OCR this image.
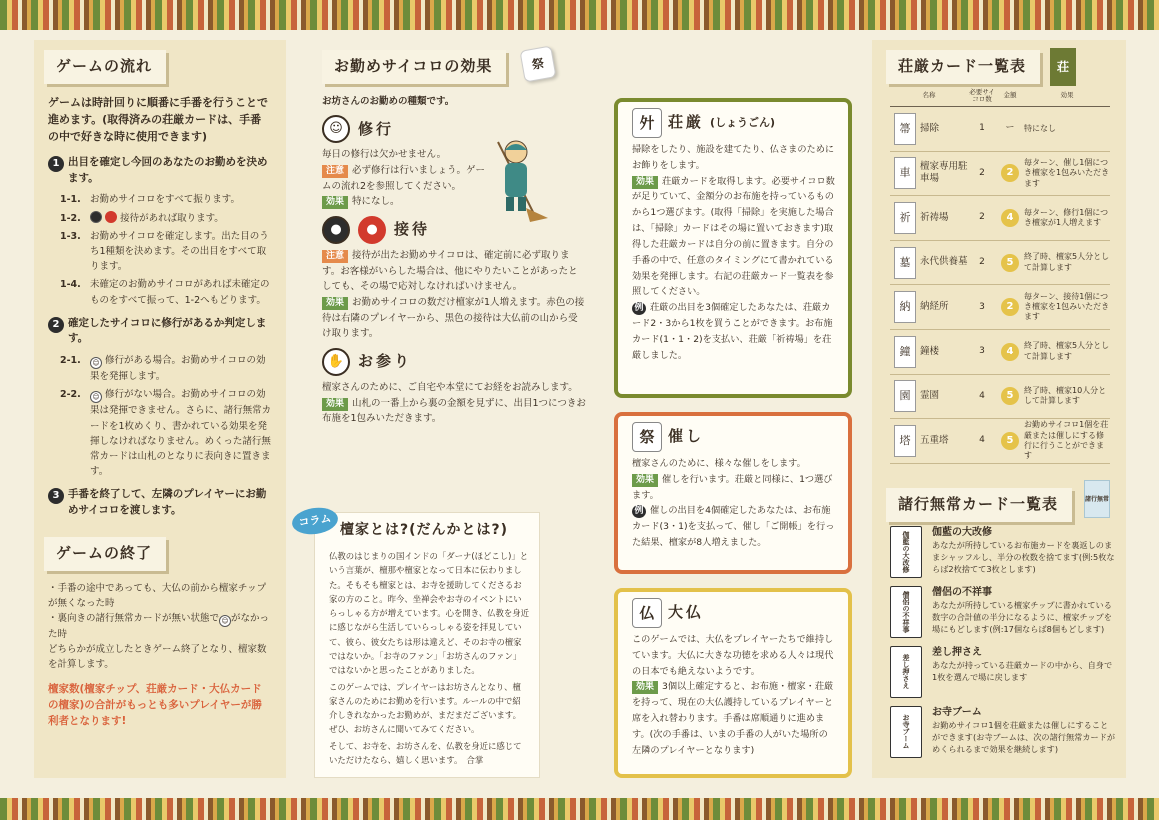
ゲームの流れ
ゲームは時計回りに順番に手番を行うことで進めます。(取得済みの荘厳カードは、手番の中で好きな時に使用できます)
1 出目を確定し今回のあなたのお勤めを決めます。
1-1. お勤めサイコロをすべて振ります。
1-2.	接待があれば取ります。
1-3. お勤めサイコロを確定します。出た目のうち1種類を決めます。その出目をすべて取ります。
1-4. 未確定のお勤めサイコロがあれば未確定のものをすべて振って、1-2へもどります。
2 確定したサイコロに修行があるか判定します。
2-1.	☺ 修行がある場合。お勤めサイコロの効果を発揮します。
2-2.	☺ 修行がない場合。お勤めサイコロの効果は発揮できません。さらに、諸行無常カードを1枚めくり、書かれている効果を発揮しなければなりません。めくった諸行無常カードは山札のとなりに表向きに置きます。
3 手番を終了して、左隣のプレイヤーにお勤めサイコロを渡します。
ゲームの終了
・手番の途中であっても、大仏の前から檀家チップが無くなった時
・裏向きの諸行無常カードが無い状態で ☺ がなかった時
どちらかが成立したときゲーム終了となり、檀家数を計算します。
檀家数(檀家チップ、荘厳カード・大仏カードの檀家)の合計がもっとも多いプレイヤーが勝利者となります!
お勤めサイコロの効果
お坊さんのお勤めの種類です。
☺	修行
毎日の修行は欠かせません。
注意 必ず修行は行いましょう。ゲームの流れ2を参照してください。
効果 特になし。
●	●	接待
注意 接待が出たお勤めサイコロは、確定前に必ず取ります。お客様がいらした場合は、他にやりたいことがあったとしても、その場で応対しなければいけません。
効果 お勤めサイコロの数だけ檀家が1人増えます。赤色の接待は右隣のプレイヤーから、黒色の接待は大仏前の山から受け取ります。
✋ お参り
檀家さんのために、ご自宅や本堂にてお経をお読みします。
効果 山札の一番上から裏の金額を見ずに、出目1つにつきお布施を1包みいただきます。
祭
仏教のはじまりの国インドの「ダーナ(ほどこし)」という言葉が、檀那や檀家となって日本に伝わりました。そもそも檀家とは、お寺を援助してくださるお家の方のこと。昨今、坐禅会やお寺のイベントにいらっしゃる方が増えています。心を開き、仏教を身近に感じながら生活していらっしゃる姿を拝見していて、彼ら、彼女たちは形は違えど、そのお寺の檀家ではないか。「お寺のファン」「お坊さんのファン」ではないかと思ったことがありました。
このゲームでは、プレイヤーはお坊さんとなり、檀家さんのためにお勤めを行います。ルールの中で紹介しきれなかったお勤めが、まだまだございます。ぜひ、お坊さんに聞いてみてください。
そして、お寺を、お坊さんを、仏教を身近に感じていただけたなら、嬉しく思います。　合掌
コラム
檀家とは?(だんかとは?)
㚈 荘厳 (しょうごん)
掃除をしたり、施設を建てたり、仏さまのためにお飾りをします。
効果 荘厳カードを取得します。必要サイコロ数が足りていて、金額分のお布施を持っているものから1つ選びます。(取得「掃除」を実施した場合は、「掃除」カードはその場に置いておきます)取得した荘厳カードは自分の前に置きます。自分の手番の中で、任意のタイミングにて書かれている効果を発揮します。右記の荘厳カード一覧表を参照してください。
例 荘厳の出目を3個確定したあなたは、荘厳カード2・3から1枚を買うことができます。お布施カード(1・1・2)を支払い、荘厳「祈祷場」を荘厳しました。
祭 催し
檀家さんのために、様々な催しをします。
効果 催しを行います。荘厳と同様に、1つ選びます。
例 催しの出目を4個確定したあなたは、お布施カード(3・1)を支払って、催し「ご開帳」を行った結果、檀家が8人増えました。
仏 大仏
このゲームでは、大仏をプレイヤーたちで維持しています。大仏に大きな功徳を求める人々は現代の日本でも絶えないようです。
効果 3個以上確定すると、お布施・檀家・荘厳を持って、現在の大仏護持しているプレイヤーと席を入れ替わります。手番は席順通りに進めます。(次の手番は、いまの手番の人がいた場所の左隣のプレイヤーとなります)
荘厳カード一覧表
名称		必要サイコロ数	金額	効果
箒	掃除	1	ー	特になし
車	檀家専用駐車場	2	2	毎ターン、催し1個につき檀家を1包みいただきます
祈	祈祷場	2	4	毎ターン、修行1個につき檀家が1人増えます
墓	永代供養墓	2	5	終了時、檀家5人分として計算します
納	納経所	3	2	毎ターン、接待1個につき檀家を1包みいただきます
鐘	鐘楼	3	4	終了時、檀家5人分として計算します
園	霊園	4	5	終了時、檀家10人分として計算します
塔	五重塔	4	5	お勤めサイコロ1個を荘厳または催しにする修行に行うことができます
諸行無常カード一覧表
伽藍の大改修	伽藍の大改修
あなたが所持しているお布施カードを裏返しのままシャッフルし、半分の枚数を捨てます(例:5枚ならば2枚捨てて3枚とします)
僧侶の不祥事	僧侶の不祥事
あなたが所持している檀家チップに書かれている数字の合計値の半分になるように、檀家チップを場にもどします(例:17個ならば8個もどします)
差し押さえ
差し押さえ
あなたが持っている荘厳カードの中から、自身で1枚を選んで場に戻します
お寺ブーム
お寺ブーム
お勤めサイコロ1個を荘厳または催しにすることができます(お寺ブームは、次の諸行無常カードがめくられるまで効果を継続します)
荘
諸行無常
